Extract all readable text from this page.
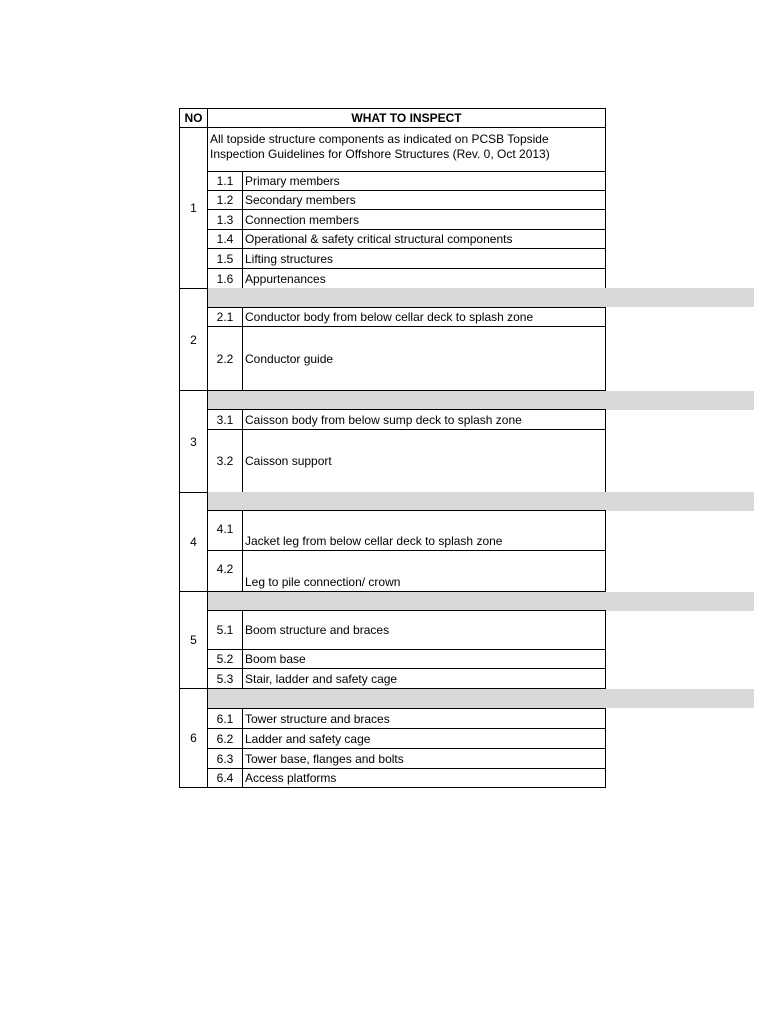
NO	WHAT TO INSPECT
1
All topside structure components as indicated on PCSB Topside Inspection Guidelines for Offshore Structures (Rev. 0, Oct 2013)
1.1 Primary members
1.2 Secondary members
1.3 Connection members
1.4 Operational & safety critical structural components
1.5 Lifting structures
1.6 Appurtenances
2
2.1 Conductor body from below cellar deck to splash zone
2.2 Conductor guide
3
3.1 Caisson body from below sump deck to splash zone
3.2 Caisson support
4
4.1
Jacket leg from below cellar deck to splash zone
4.2
Leg to pile connection/ crown
5
5.1 Boom structure and braces
5.2 Boom base
5.3 Stair, ladder and safety cage
6
6.1 Tower structure and braces
6.2 Ladder and safety cage
6.3 Tower base, flanges and bolts
6.4 Access platforms
